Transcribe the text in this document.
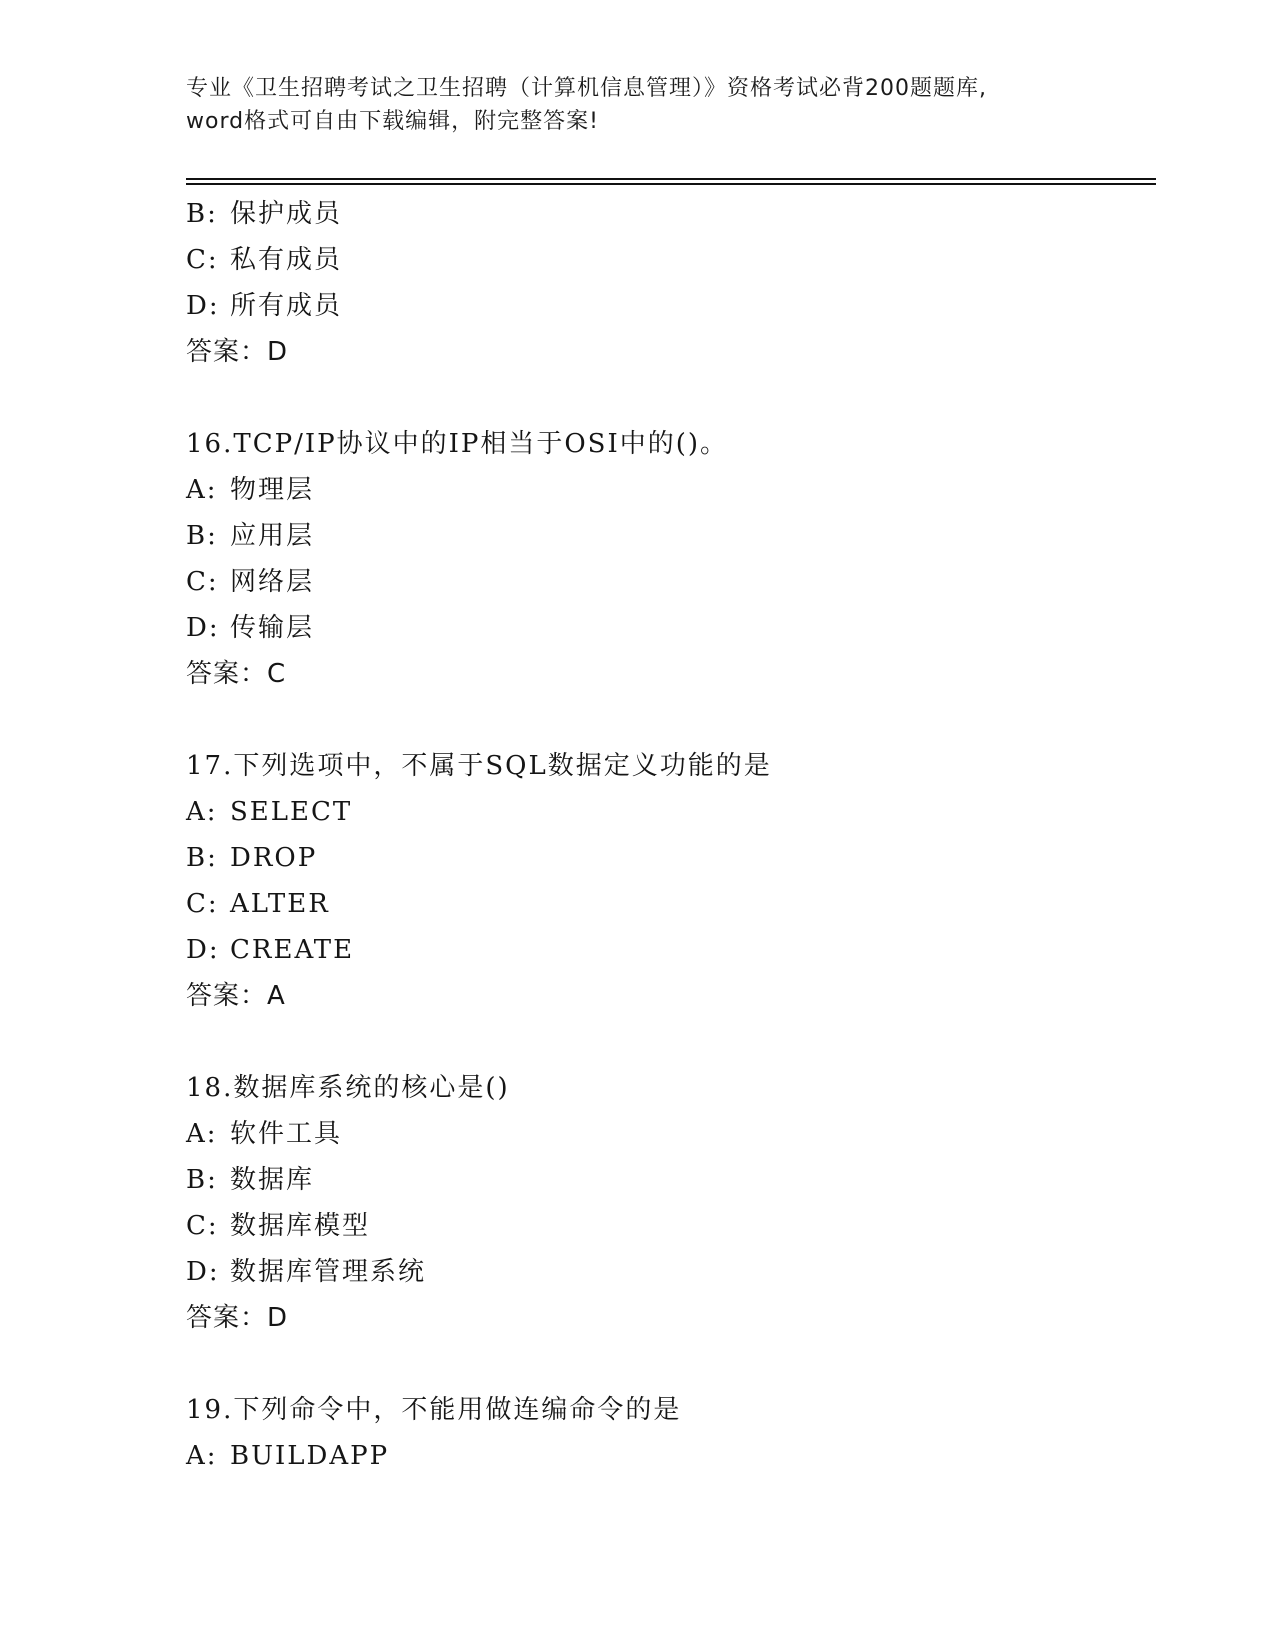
专业《卫生招聘考试之卫生招聘（计算机信息管理）》资格考试必背200题题库,
word格式可自由下载编辑，附完整答案!
B: 保护成员
C: 私有成员
D: 所有成员
答案：D
16.TCP/IP协议中的IP相当于OSI中的()。
A: 物理层
B: 应用层
C: 网络层
D: 传输层
答案：C
17.下列选项中，不属于SQL数据定义功能的是
A: SELECT
B: DROP
C: ALTER
D: CREATE
答案：A
18.数据库系统的核心是()
A: 软件工具
B: 数据库
C: 数据库模型
D: 数据库管理系统
答案：D
19.下列命令中，不能用做连编命令的是
A: BUILDAPP
